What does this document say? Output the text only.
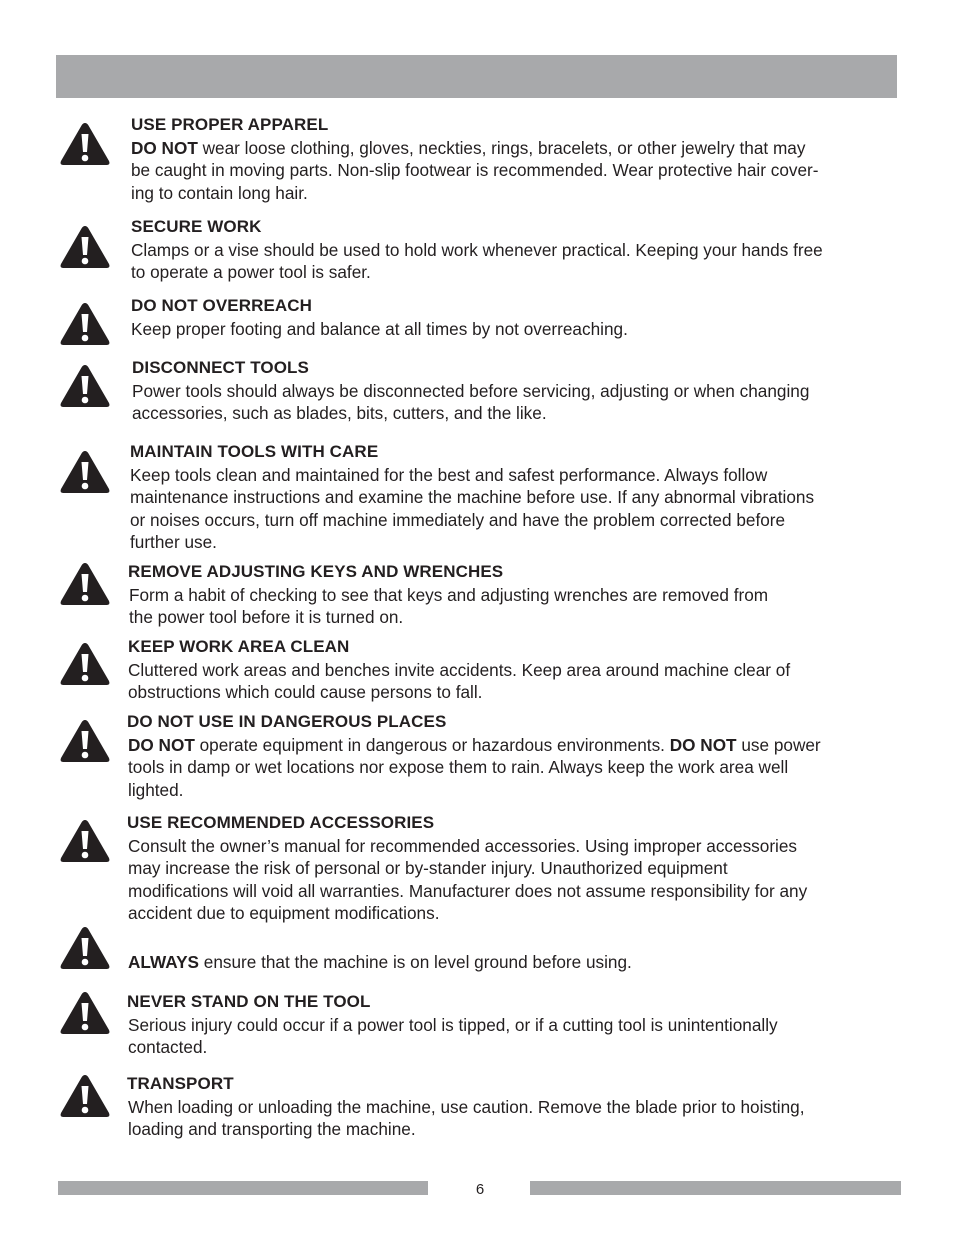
USE PROPER APPAREL
DO NOT wear loose clothing, gloves, neckties, rings, bracelets, or other jewelry that may
be caught in moving parts. Non-slip footwear is recommended. Wear protective hair cover-
ing to contain long hair.
SECURE WORK
Clamps or a vise should be used to hold work whenever practical. Keeping your hands free
to operate a power tool is safer.
DO NOT OVERREACH
Keep proper footing and balance at all times by not overreaching.
DISCONNECT TOOLS
Power tools should always be disconnected before servicing, adjusting or when changing
accessories, such as blades, bits, cutters, and the like.
MAINTAIN TOOLS WITH CARE
Keep tools clean and maintained for the best and safest performance. Always follow
maintenance instructions and examine the machine before use. If any abnormal vibrations
or noises occurs, turn off machine immediately and have the problem corrected before
further use.
REMOVE ADJUSTING KEYS AND WRENCHES
Form a habit of checking to see that keys and adjusting wrenches are removed from
the power tool before it is turned on.
KEEP WORK AREA CLEAN
Cluttered work areas and benches invite accidents. Keep area around machine clear of
obstructions which could cause persons to fall.
DO NOT USE IN DANGEROUS PLACES
DO NOT operate equipment in dangerous or hazardous environments. DO NOT use power
tools in damp or wet locations nor expose them to rain. Always keep the work area well
lighted.
USE RECOMMENDED ACCESSORIES
Consult the owner’s manual for recommended accessories. Using improper accessories
may increase the risk of personal or by-stander injury. Unauthorized equipment
modifications will void all warranties. Manufacturer does not assume responsibility for any
accident due to equipment modifications.
ALWAYS ensure that the machine is on level ground before using.
NEVER STAND ON THE TOOL
Serious injury could occur if a power tool is tipped, or if a cutting tool is unintentionally
contacted.
TRANSPORT
When loading or unloading the machine, use caution. Remove the blade prior to hoisting,
loading and transporting the machine.
6
